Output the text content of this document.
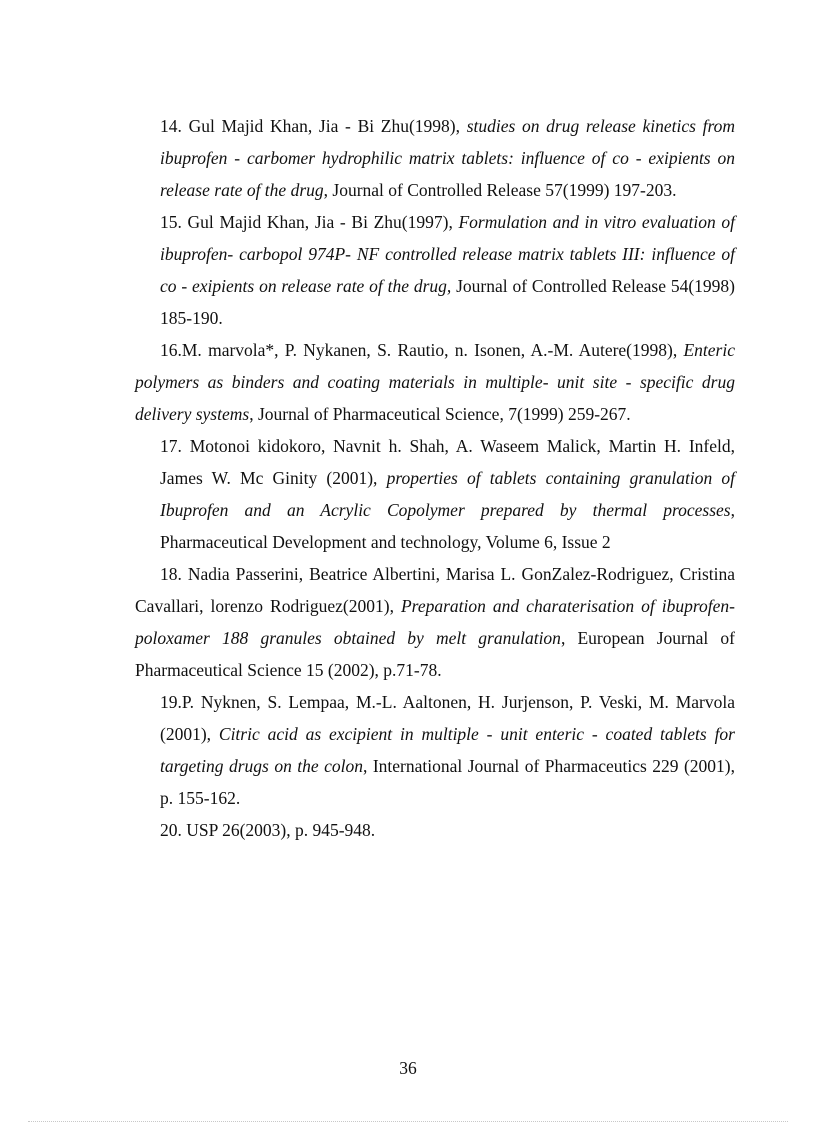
14. Gul Majid Khan, Jia - Bi Zhu(1998), studies on drug release kinetics from ibuprofen - carbomer hydrophilic matrix tablets: influence of co - exipients on release rate of the drug, Journal of Controlled Release 57(1999) 197-203.

15. Gul Majid Khan, Jia - Bi Zhu(1997), Formulation and in vitro evaluation of ibuprofen- carbopol 974P- NF controlled release matrix tablets III: influence of co - exipients on release rate of the drug, Journal of Controlled Release 54(1998) 185-190.

16.M. marvola*, P. Nykanen, S. Rautio, n. Isonen, A.-M. Autere(1998), Enteric polymers as binders and coating materials in multiple- unit site - specific drug delivery systems, Journal of Pharmaceutical Science, 7(1999) 259-267.

17. Motonoi kidokoro, Navnit h. Shah, A. Waseem Malick, Martin H. Infeld, James W. Mc Ginity (2001), properties of tablets containing granulation of Ibuprofen and an Acrylic Copolymer prepared by thermal processes, Pharmaceutical Development and technology, Volume 6, Issue 2

18. Nadia Passerini, Beatrice Albertini, Marisa L. GonZalez-Rodriguez, Cristina Cavallari, lorenzo Rodriguez(2001), Preparation and charaterisation of ibuprofen- poloxamer 188 granules obtained by melt granulation, European Journal of Pharmaceutical Science 15 (2002), p.71-78.

19.P. Nyknen, S. Lempaa, M.-L. Aaltonen, H. Jurjenson, P. Veski, M. Marvola (2001), Citric acid as excipient in multiple - unit enteric - coated tablets for targeting drugs on the colon, International Journal of Pharmaceutics 229 (2001), p. 155-162.

20. USP 26(2003), p. 945-948.

36
